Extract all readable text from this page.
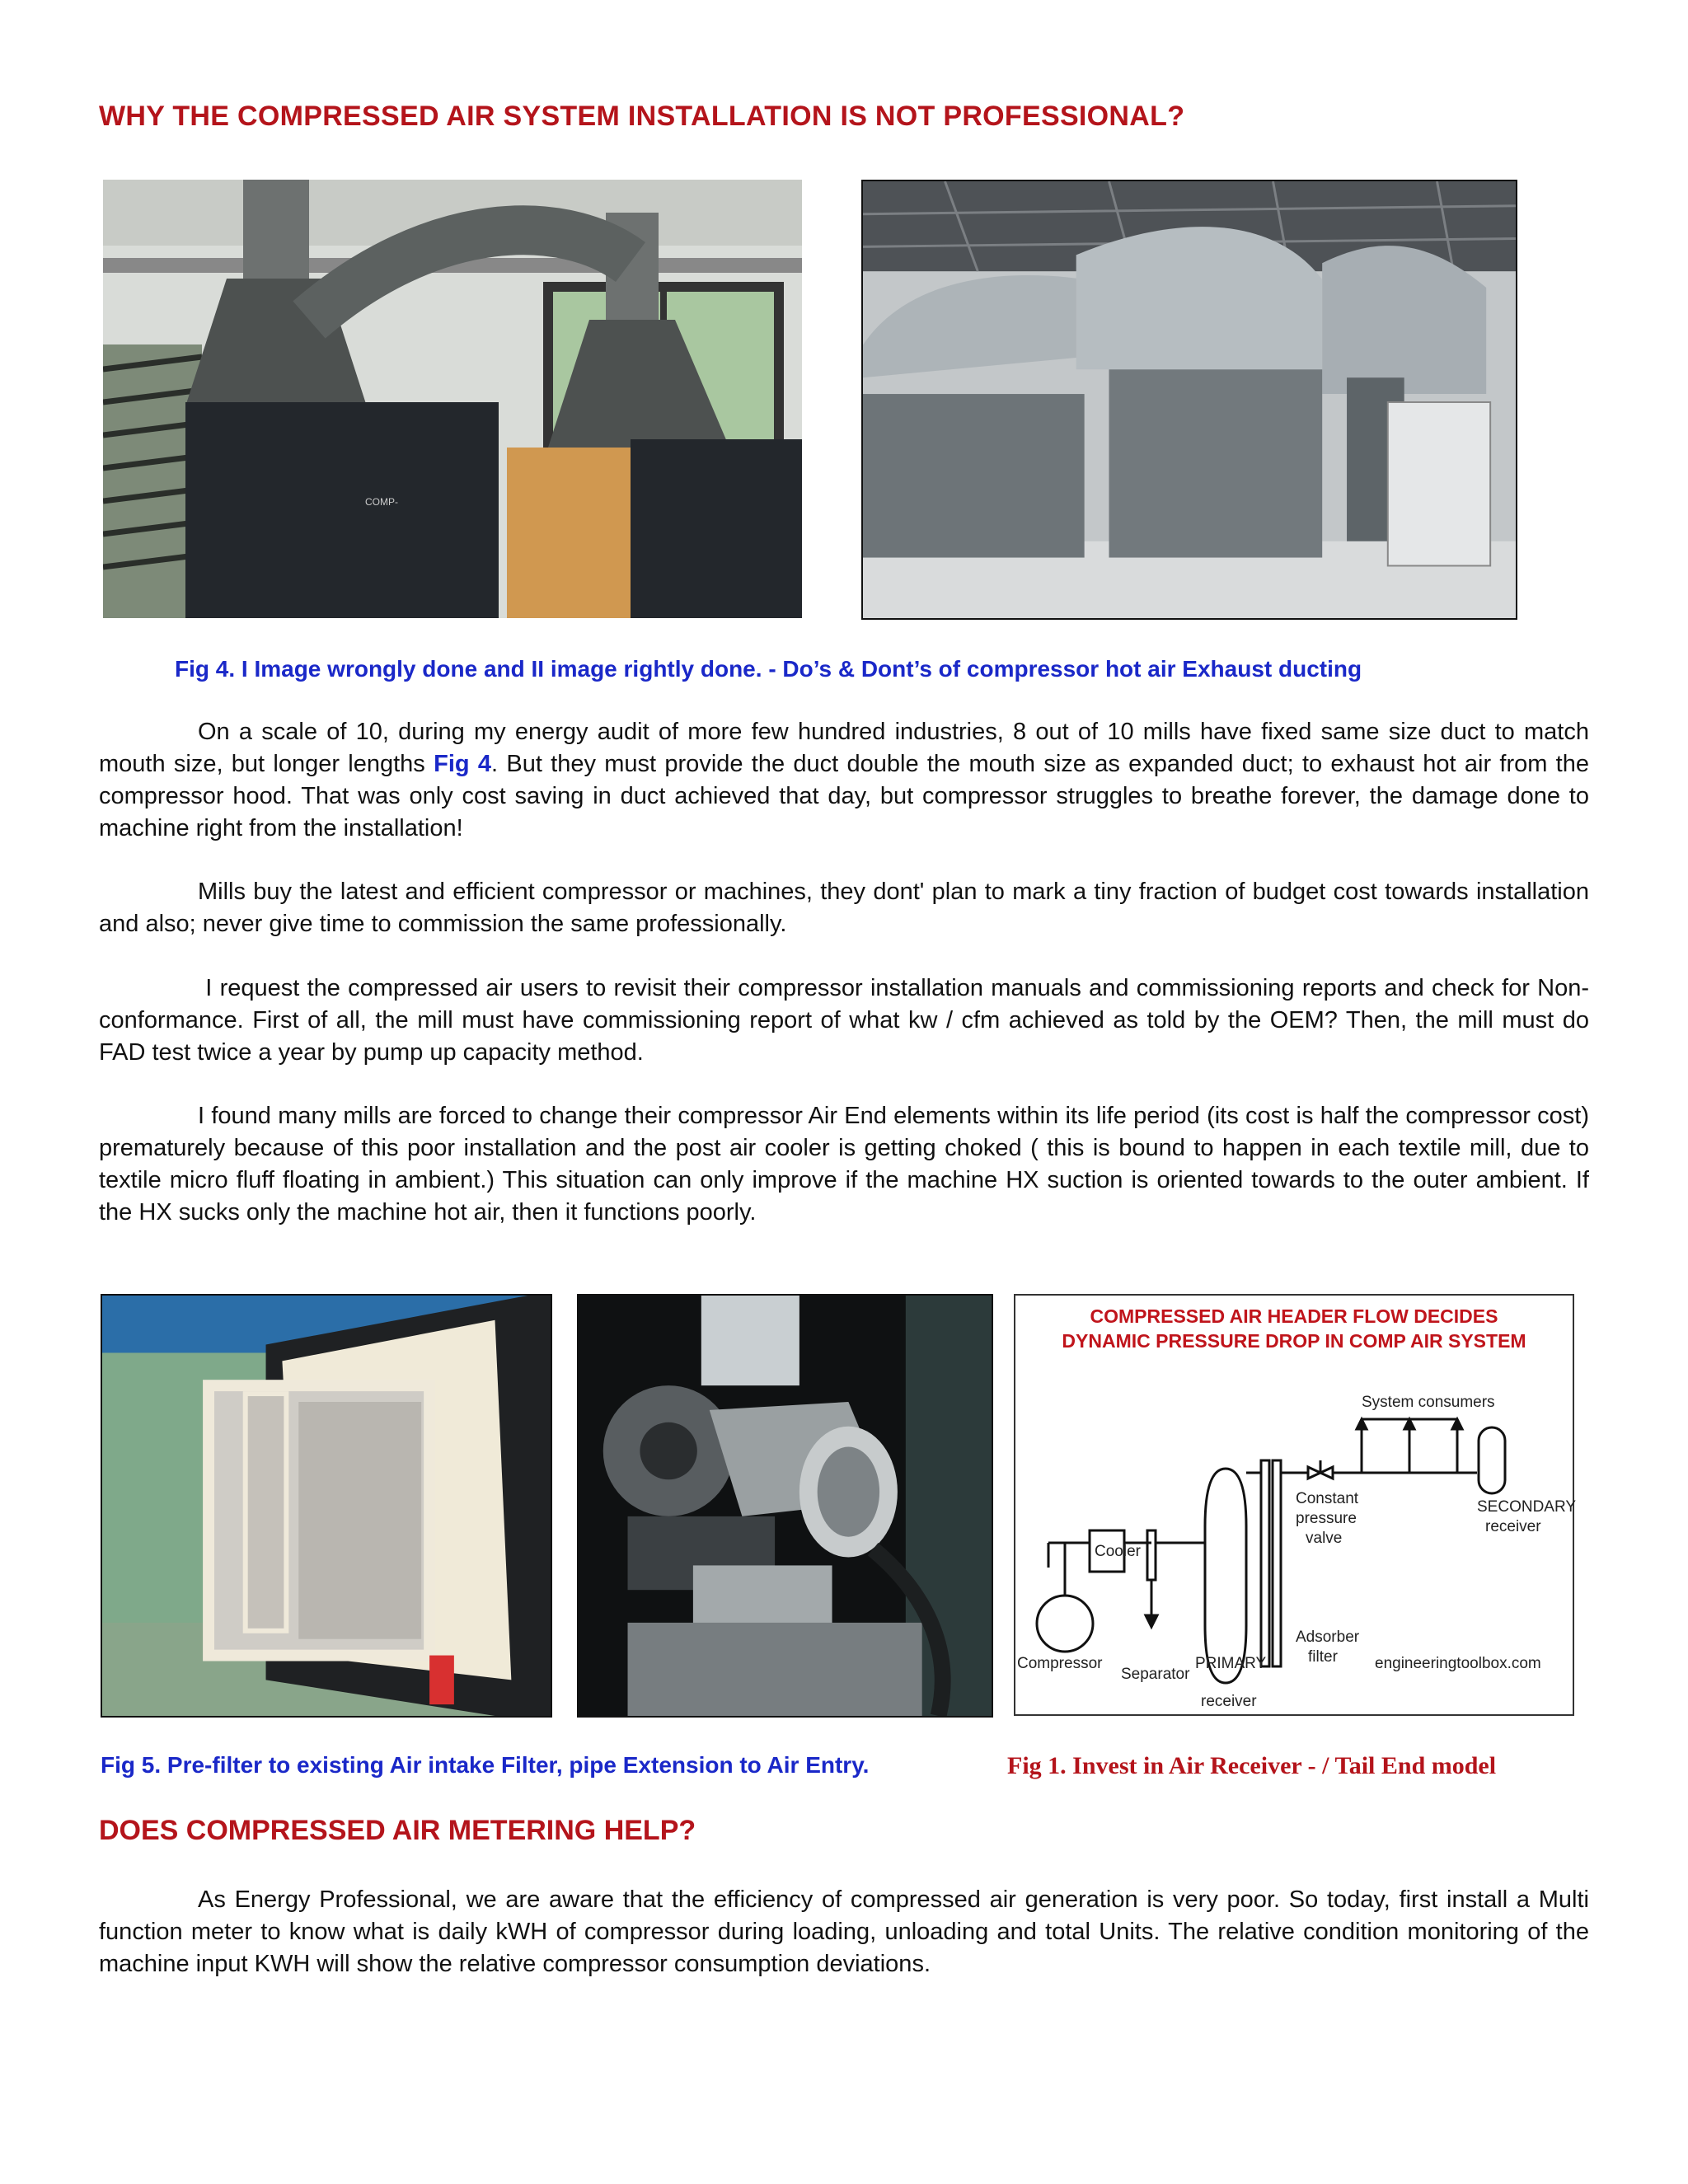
WHY THE COMPRESSED AIR SYSTEM INSTALLATION IS NOT PROFESSIONAL?
COMP-
Fig 4. I Image wrongly done and II image rightly done. - Do’s & Dont’s of compressor hot air Exhaust ducting

On a scale of 10, during my energy audit of more few hundred industries, 8 out of 10 mills have fixed same size duct to match mouth size, but longer lengths Fig 4. But they must provide the duct double the mouth size as expanded duct; to exhaust hot air from the compressor hood. That was only cost saving in duct achieved that day, but compressor struggles to breathe forever, the damage done to machine right from the installation!

Mills buy the latest and efficient compressor or machines, they dont' plan to mark a tiny fraction of budget cost towards installation and also; never give time to commission the same professionally.

I request the compressed air users to revisit their compressor installation manuals and commissioning reports and check for Non-conformance. First of all, the mill must have commissioning report of what kw / cfm achieved as told by the OEM? Then, the mill must do FAD test twice a year by pump up capacity method.

I found many mills are forced to change their compressor Air End elements within its life period (its cost is half the compressor cost) prematurely because of this poor installation and the post air cooler is getting choked ( this is bound to happen in each textile mill, due to textile micro fluff floating in ambient.) This situation can only improve if the machine HX suction is oriented towards to the outer ambient. If the HX sucks only the machine hot air, then it functions poorly.

COMPRESSED AIR HEADER FLOW DECIDES
DYNAMIC PRESSURE DROP IN COMP AIR SYSTEM
System consumers
Constant
pressure
valve
SECONDARY
receiver
Cooler
Adsorber
filter
Compressor
Separator
PRIMARY
receiver
engineeringtoolbox.com
Fig 5. Pre-filter to existing Air intake Filter, pipe Extension to Air Entry.	Fig 1. Invest in Air Receiver - / Tail End model
DOES COMPRESSED AIR METERING HELP?

As Energy Professional, we are aware that the efficiency of compressed air generation is very poor. So today, first install a Multi function meter to know what is daily kWH of compressor during loading, unloading and total Units. The relative condition monitoring of the machine input KWH will show the relative compressor consumption deviations.
